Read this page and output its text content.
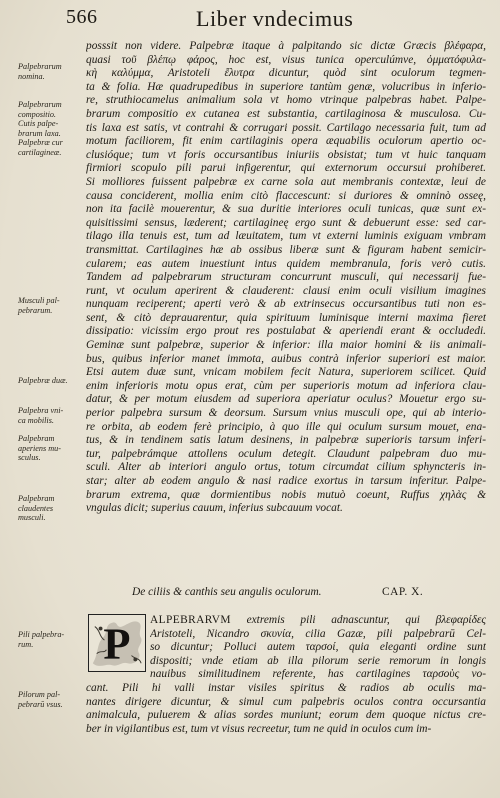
566	Liber vndecimus
posssit non videre. Palpebræ itaque à palpitando sic dictæ Græcis βλέφαρα,
quasi τοῦ βλέπῳ φάρος, hoc est, visus tunica operculúmve, ὀμματόφυλα-
κὴ καλύμμα, Aristoteli ἔλυτρα dicuntur, quòd sint oculorum tegmen-
ta & folia. Hæ quadrupedibus in superiore tantùm genæ, volucribus in inferio-
re, struthiocamelus animalium sola vt homo vtrinque palpebras habet. Palpe-
brarum compositio ex cutanea est substantia, cartilaginosa & musculosa. Cu-
tis laxa est satis, vt contrahi & corrugari possit. Cartilago necessaria fuit, tum ad
motum faciliorem, fit enim cartilaginis opera æquabilis oculorum apertio oc-
clusióque; tum vt foris occursantibus iniuriis obsistat; tum vt huic tanquam
firmiori scopulo pili parui infigerentur, qui externorum occursui prohiberet.
Si molliores fuissent palpebræ ex carne sola aut membranis contextæ, leui de
causa conciderent, mollia enim citò flaccescunt: si duriores & omninò osseę,
non ita facilè mouerentur, & sua duritie interiores oculi tunicas, quæ sunt ex-
quisitissimi sensus, læderent; cartilagineę ergo sunt & debuerunt esse: sed car-
tilago illa tenuis est, tum ad læuitatem, tum vt externi luminis exiguam vmbram
transmittat. Cartilagines hæ ab ossibus liberæ sunt & figuram habent semicir-
cularem; eas autem inuestiunt intus quidem membranula, foris verò cutis.
Tandem ad palpebrarum structuram concurrunt musculi, qui necessarij fue-
runt, vt oculum aperirent & clauderent: clausi enim oculi visilium imagines
nunquam reciperent; aperti verò & ab extrinsecus occursantibus tuti non es-
sent, & citò deprauarentur, quia spirituum luminisque interni maxima fieret
dissipatio: vicissim ergo prout res postulabat & aperiendi erant & occludedi.
Geminæ sunt palpebræ, superior & inferior: illa maior homini & iis animali-
bus, quibus inferior manet immota, auibus contrà inferior superiori est maior.
Etsi autem duæ sunt, vnicam mobilem fecit Natura, superiorem scilicet. Quid
enim inferioris motu opus erat, cùm per superioris motum ad inferiora clau-
datur, & per motum eiusdem ad superiora aperiatur oculus? Mouetur ergo su-
perior palpebra sursum & deorsum. Sursum vnius musculi ope, qui ab interio-
re orbita, ab eodem ferè principio, à quo ille qui oculum sursum mouet, ena-
tus, & in tendinem satis latum desinens, in palpebræ superioris tarsum inferi-
tur, palpebrámque attollens oculum detegit. Claudunt palpebram duo mu-
sculi. Alter ab interiori angulo ortus, totum circumdat cilium sphyncteris in-
star; alter ab eodem angulo & nasi radice exortus in tarsum inferitur. Palpe-
brarum extrema, quæ dormientibus nobis mutuò coeunt, Ruffus χηλὰς &
vngulas dicit; superius cauum, inferius subcauum vocat.
Palpebrarum
nomina.
Palpebrarum
compositio.
Cutis palpe-
brarum laxa.
Palpebræ cur
cartilagineæ.
Musculi pal-
pebrarum.
Palpebræ duæ.
Palpebra vni-
ca mobilis.
Palpebram
aperiens mu-
sculus.
Palpebram
claudentes
musculi.
Pili palpebra-
rum.
Pilorum pal-
pebrarū vsus.
De ciliis & canthis seu angulis oculorum.	CAP. X.
ALPEBRARVM extremis pili adnascuntur, qui βλεφαρίδες
Aristoteli, Nicandro σκυνία, cilia Gazæ, pili palpebrarū Cel-
so dicuntur; Polluci autem ταρσοί, quia eleganti ordine sunt
dispositi; vnde etiam ab illa pilorum serie remorum in longis
nauibus similitudinem referente, has cartilagines ταρσοὺς vo-
cant. Pili hi valli instar visiles spiritus & radios ab oculis ma-
nantes dirigere dicuntur, & simul cum palpebris oculos contra occursantia
animalcula, puluerem & alias sordes muniunt; eorum dem quoque nictus cre-
ber in vigilantibus est, tum vt visus recreetur, tum ne quid in oculos cum im-
P
